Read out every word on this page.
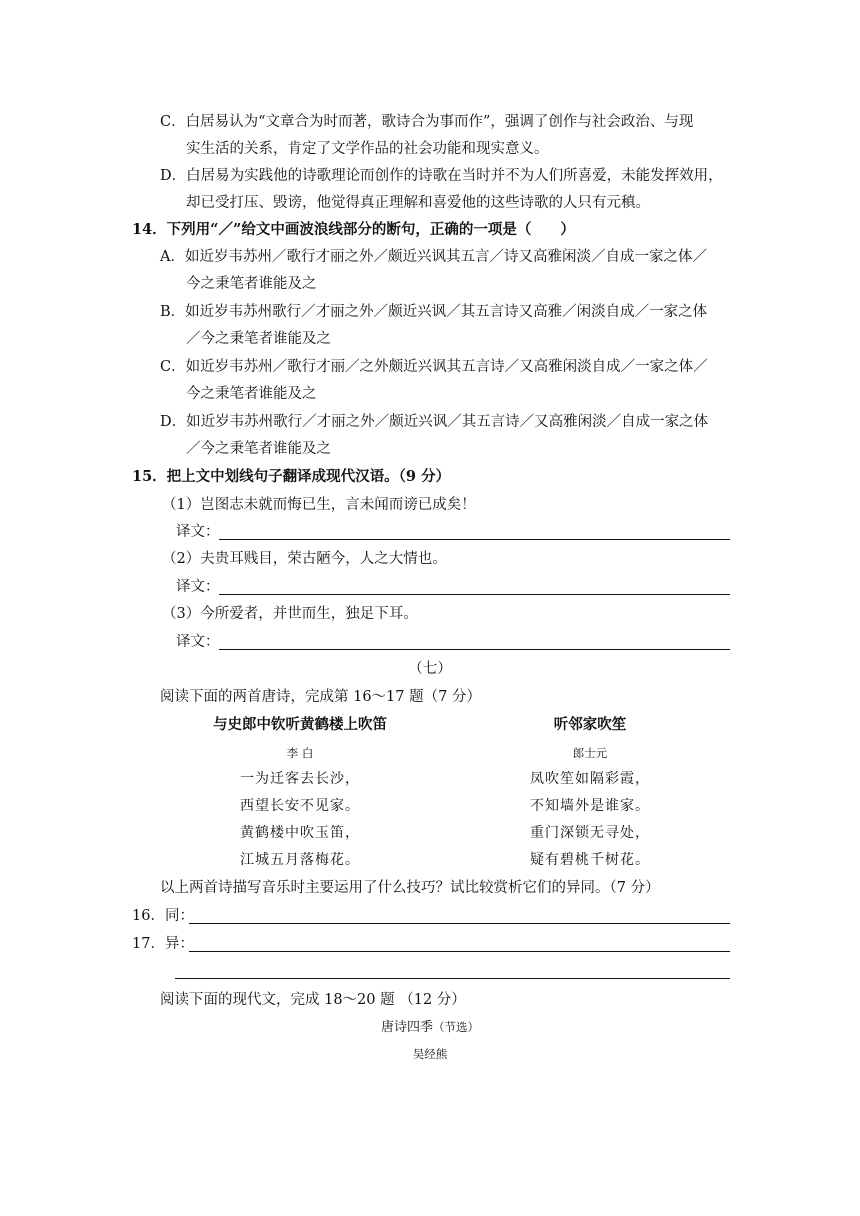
C．白居易认为“文章合为时而著，歌诗合为事而作”，强调了创作与社会政治、与现
实生活的关系，肯定了文学作品的社会功能和现实意义。
D．白居易为实践他的诗歌理论而创作的诗歌在当时并不为人们所喜爱，未能发挥效用，
却已受打压、毁谤，他觉得真正理解和喜爱他的这些诗歌的人只有元稹。
14．下列用“／”给文中画波浪线部分的断句，正确的一项是（　　）
A．如近岁韦苏州／歌行才丽之外／颇近兴讽其五言／诗又高雅闲淡／自成一家之体／
今之秉笔者谁能及之
B．如近岁韦苏州歌行／才丽之外／颇近兴讽／其五言诗又高雅／闲淡自成／一家之体
／今之秉笔者谁能及之
C．如近岁韦苏州／歌行才丽／之外颇近兴讽其五言诗／又高雅闲淡自成／一家之体／
今之秉笔者谁能及之
D．如近岁韦苏州歌行／才丽之外／颇近兴讽／其五言诗／又高雅闲淡／自成一家之体
／今之秉笔者谁能及之
15．把上文中划线句子翻译成现代汉语。（9 分）
（1）岂图志未就而悔已生，言未闻而谤已成矣！
译文：
（2）夫贵耳贱目，荣古陋今，人之大情也。
译文：
（3）今所爱者，并世而生，独足下耳。
译文：
（七）
阅读下面的两首唐诗，完成第 16～17 题（7 分）
与史郎中钦听黄鹤楼上吹笛
李 白
一为迁客去长沙，
西望长安不见家。
黄鹤楼中吹玉笛，
江城五月落梅花。
听邻家吹笙
郎士元
凤吹笙如隔彩霞，
不知墙外是谁家。
重门深锁无寻处，
疑有碧桃千树花。
以上两首诗描写音乐时主要运用了什么技巧？试比较赏析它们的异同。（7 分）
16．同：
17．异：
阅读下面的现代文，完成 18～20 题 （12 分）
唐诗四季（节选）
吴经熊
